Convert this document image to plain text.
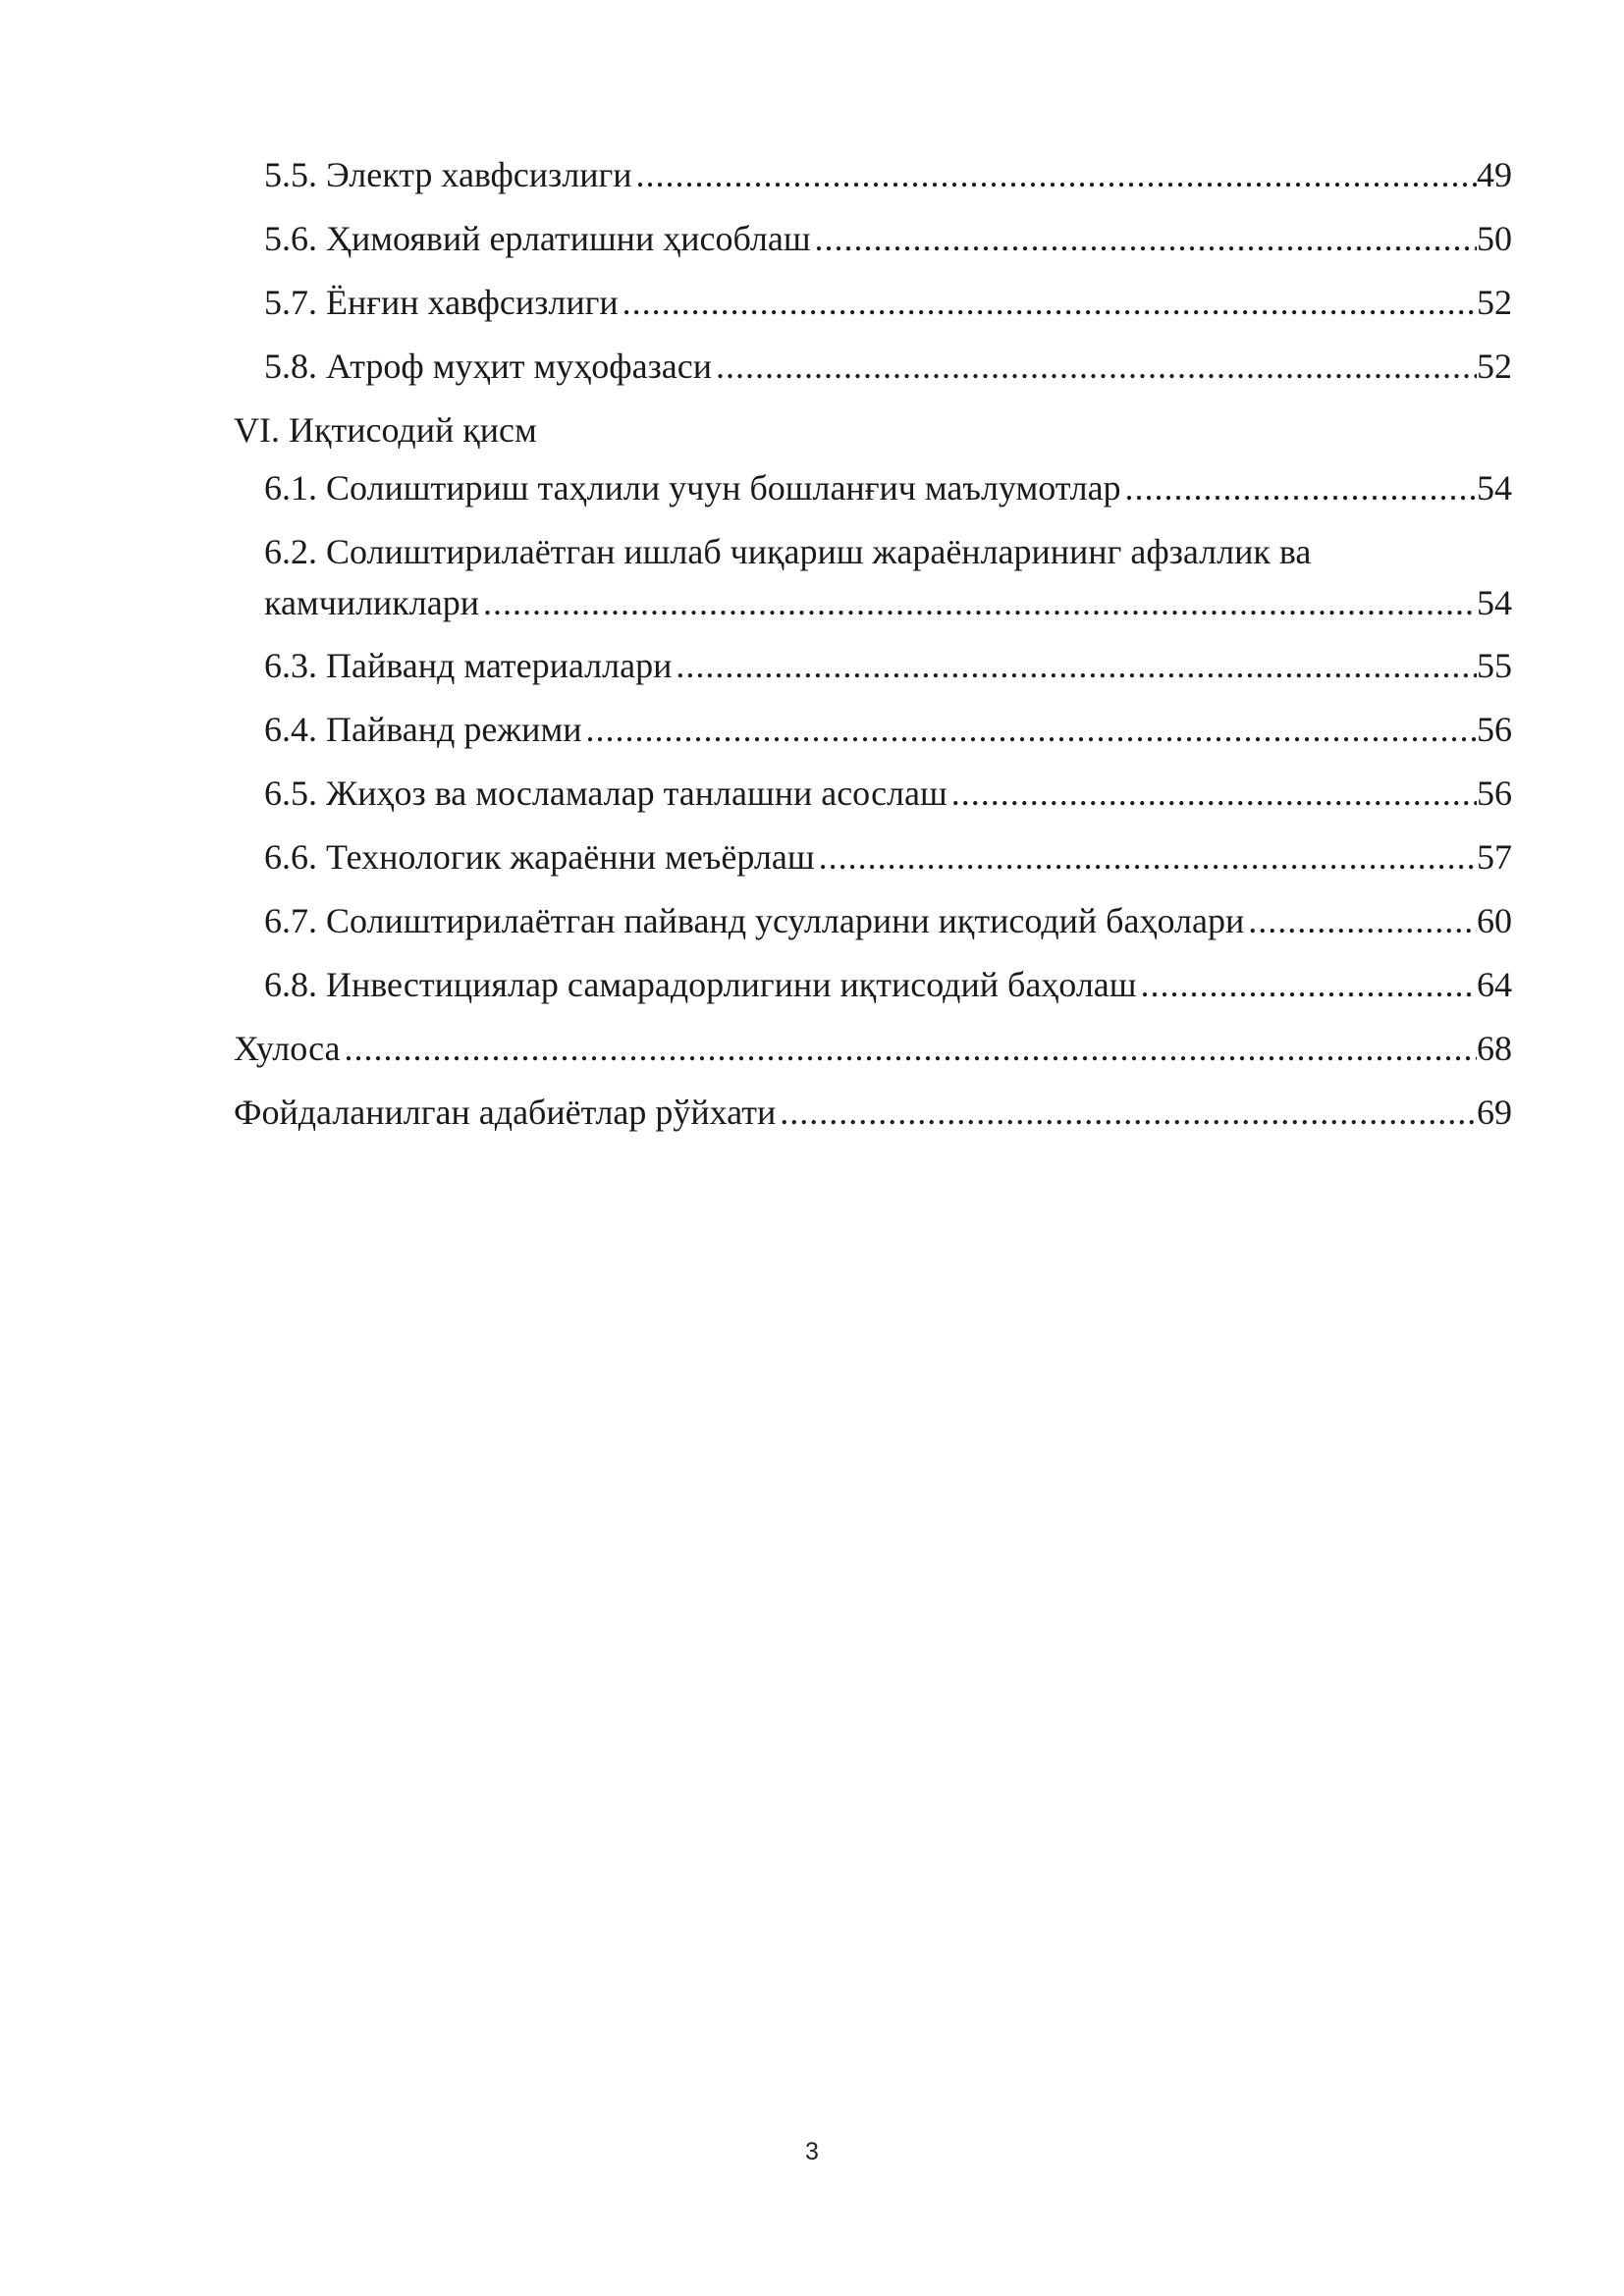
5.5. Электр хавфсизлиги .....	49
5.6. Ҳимоявий ерлатишни ҳисоблаш .....	50
5.7. Ёнғин хавфсизлиги .....	52
5.8. Атроф муҳит муҳофазаси .....	52
VI. Иқтисодий қисм
6.1. Солиштириш таҳлили учун бошланғич маълумотлар .....	54
6.2. Солиштирилаётган ишлаб чиқариш жараёнларининг афзаллик ва
камчиликлари .....	54
6.3. Пайванд материаллари .....	55
6.4. Пайванд режими .....	56
6.5. Жиҳоз ва мосламалар танлашни асослаш .....	56
6.6. Технологик жараённи меъёрлаш .....	57
6.7. Солиштирилаётган пайванд усулларини иқтисодий баҳолари .....	60
6.8. Инвестициялар самарадорлигини иқтисодий баҳолаш .....	64
Хулоса .....	68
Фойдаланилган адабиётлар рўйхати .....	69
3
